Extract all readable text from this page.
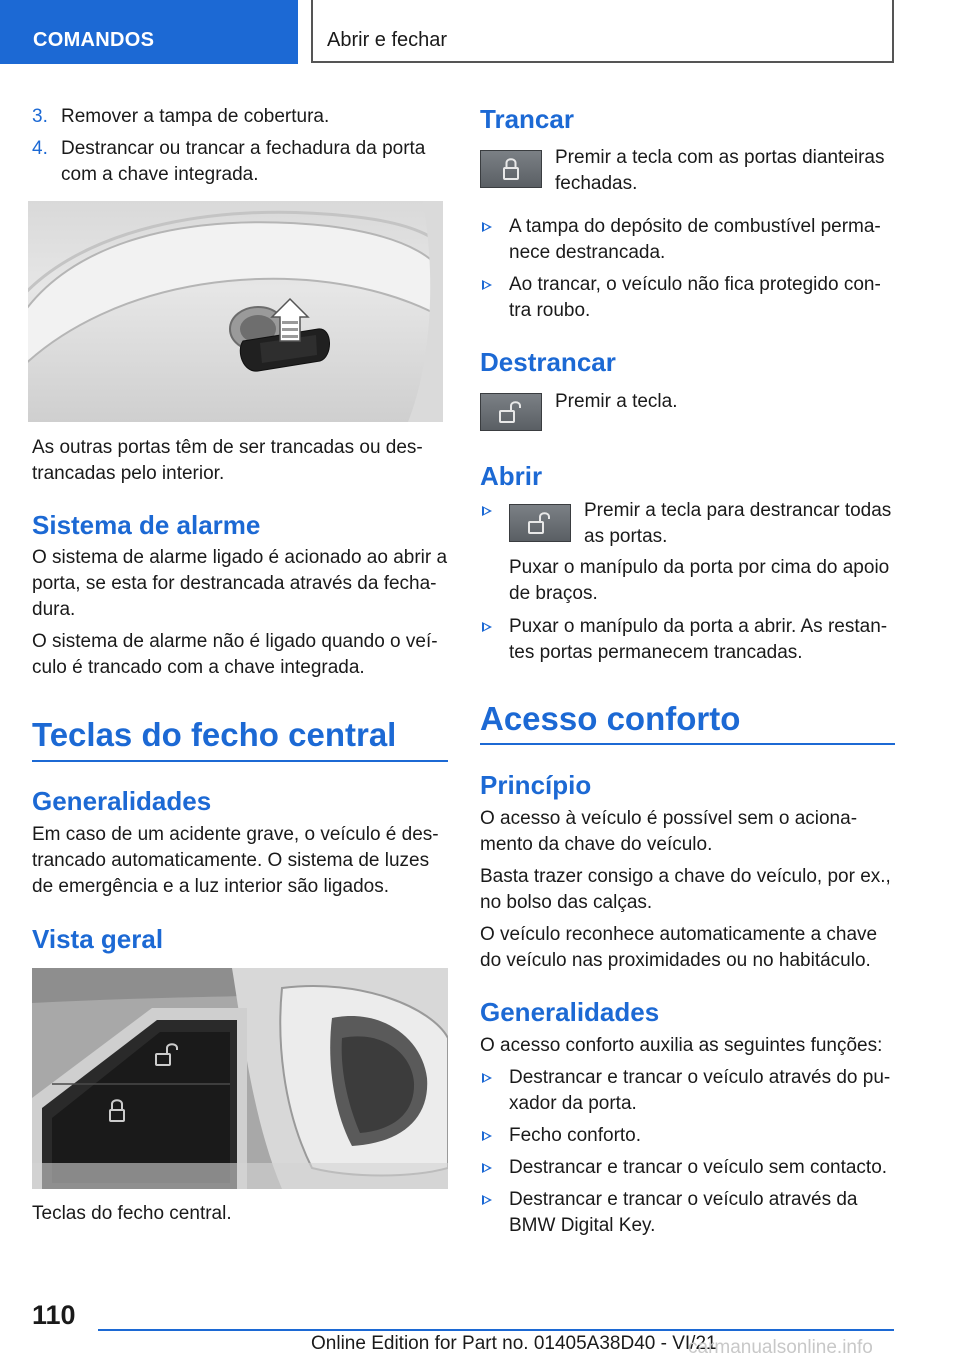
COMANDOS	Abrir e fechar
3. Remover a tampa de cobertura.
4. Destrancar ou trancar a fechadura da porta
com a chave integrada.
As outras portas têm de ser trancadas ou des-
trancadas pelo interior.
Sistema de alarme
O sistema de alarme ligado é acionado ao abrir a
porta, se esta for destrancada através da fecha-
dura.
O sistema de alarme não é ligado quando o veí-
culo é trancado com a chave integrada.
Teclas do fecho central
Generalidades
Em caso de um acidente grave, o veículo é des-
trancado automaticamente. O sistema de luzes
de emergência e a luz interior são ligados.
Vista geral
Teclas do fecho central.
Trancar
Premir a tecla com as portas dianteiras
fechadas.
A tampa do depósito de combustível perma-
nece destrancada.
Ao trancar, o veículo não fica protegido con-
tra roubo.
Destrancar
Premir a tecla.
Abrir
Premir a tecla para destrancar todas
as portas.
Puxar o manípulo da porta por cima do apoio
de braços.
Puxar o manípulo da porta a abrir. As restan-
tes portas permanecem trancadas.
Acesso conforto
Princípio
O acesso à veículo é possível sem o aciona-
mento da chave do veículo.
Basta trazer consigo a chave do veículo, por ex.,
no bolso das calças.
O veículo reconhece automaticamente a chave
do veículo nas proximidades ou no habitáculo.
Generalidades
O acesso conforto auxilia as seguintes funções:
Destrancar e trancar o veículo através do pu-
xador da porta.
Fecho conforto.
Destrancar e trancar o veículo sem contacto.
Destrancar e trancar o veículo através da
BMW Digital Key.
110
Online Edition for Part no. 01405A38D40 - VI/21
carmanualsonline.info
